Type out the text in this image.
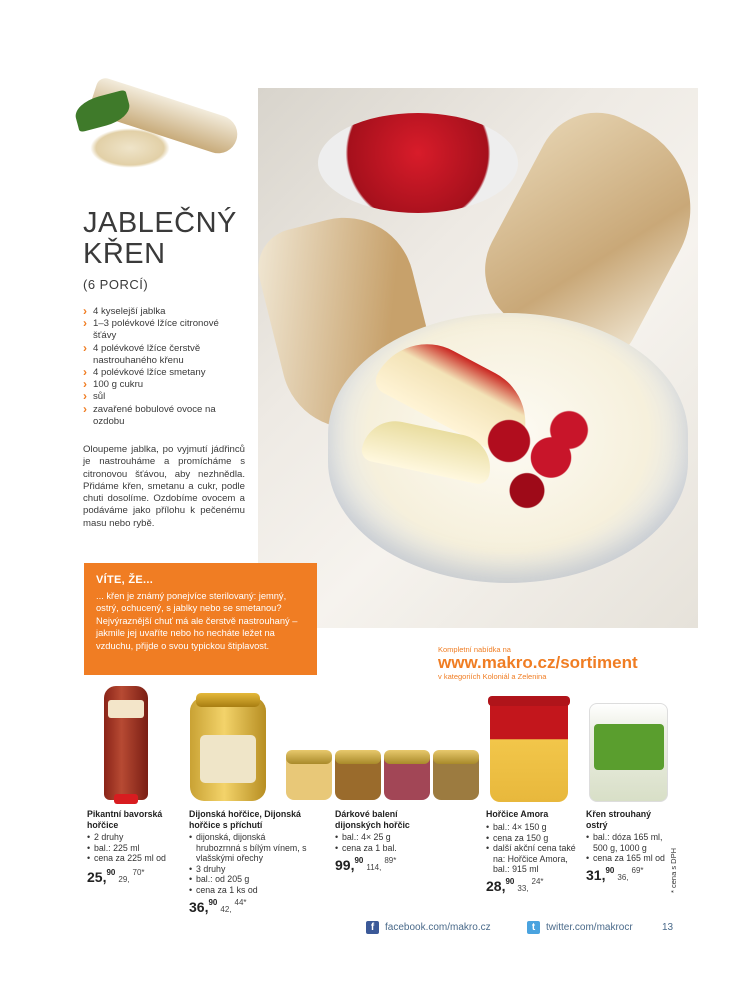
JABLEČNÝ KŘEN
(6 PORCÍ)
› 4 kyselejší jablka
› 1–3 polévkové lžíce citronové šťávy
› 4 polévkové lžíce čerstvě nastrouhaného křenu
› 4 polévkové lžíce smetany
› 100 g cukru
› sůl
› zavařené bobulové ovoce na ozdobu

Oloupeme jablka, po vyjmutí jádřinců je nastrouháme a promícháme s citronovou šťávou, aby nezhnědla. Přidáme křen, smetanu a cukr, podle chuti dosolíme. Ozdobíme ovocem a podáváme jako přílohu k pečenému masu nebo rybě.

VÍTE, ŽE...
... křen je známý ponejvíce sterilovaný: jemný, ostrý, ochucený, s jablky nebo se smetanou? Nejvýraznější chuť má ale čerstvě nastrouhaný – jakmile jej uvaříte nebo ho necháte ležet na vzduchu, přijde o svou typickou štiplavost.	Kompletní nabídka na
www.makro.cz/sortiment
v kategoriích Koloniál a Zelenina
Pikantní bavorská hořčice
• 2 druhy
• bal.: 225 ml
• cena za 225 ml od
25,9029,$^{70*}$
Dijonská hořčice, Dijonská hořčice s příchutí
• dijonská, dijonská hrubozrnná s bílým vínem, s vlašskými ořechy
• 3 druhy
• bal.: od 205 g
• cena za 1 ks od
36,9042,$^{44*}$
Dárkové balení dijonských hořčic
• bal.: 4× 25 g
• cena za 1 bal.
99,90114,$^{89*}$
Hořčice Amora
• bal.: 4× 150 g
• cena za 150 g
• další akční cena také na: Hořčice Amora, bal.: 915 ml
28,9033,$^{24*}$
Křen strouhaný ostrý
• bal.: dóza 165 ml, 500 g, 1000 g
• cena za 165 ml od
31,9036,$^{69*}$	* cena s DPH
f	facebook.com/makro.cz	t	twitter.com/makrocr	13
